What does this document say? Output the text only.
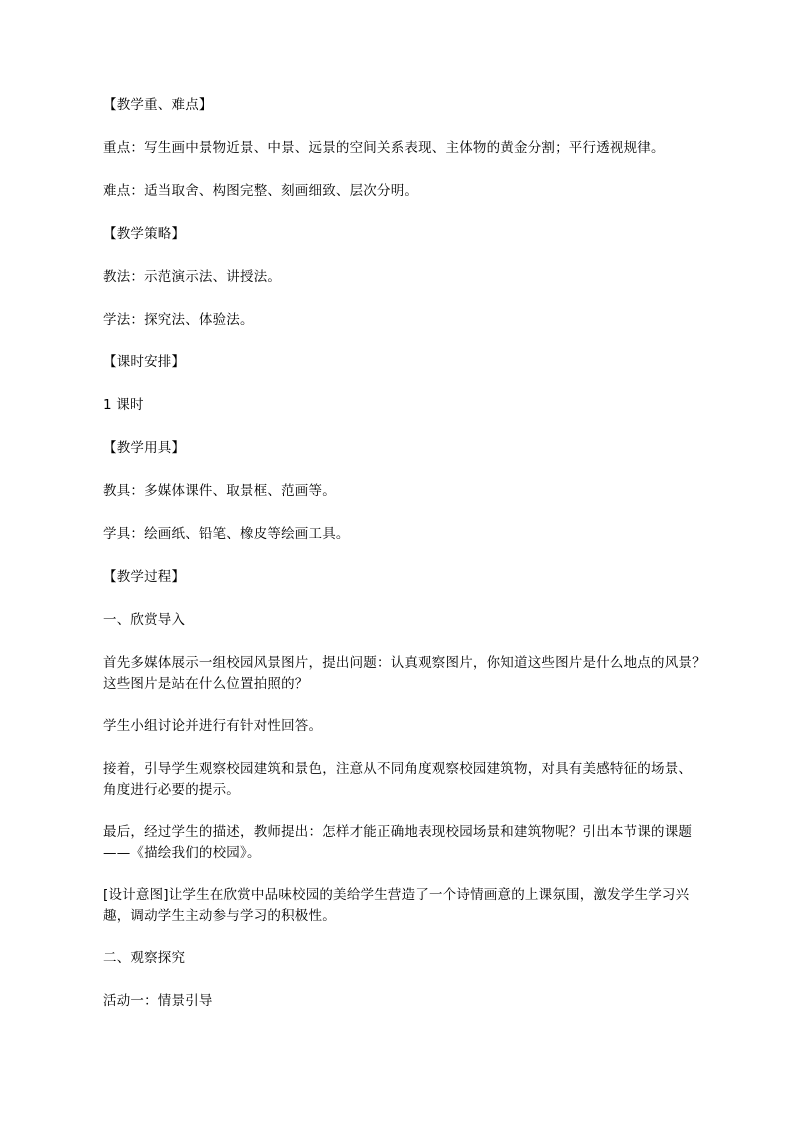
【教学重、难点】
重点：写生画中景物近景、中景、远景的空间关系表现、主体物的黄金分割；平行透视规律。
难点：适当取舍、构图完整、刻画细致、层次分明。
【教学策略】
教法：示范演示法、讲授法。
学法：探究法、体验法。
【课时安排】
1 课时
【教学用具】
教具：多媒体课件、取景框、范画等。
学具：绘画纸、铅笔、橡皮等绘画工具。
【教学过程】
一、欣赏导入
首先多媒体展示一组校园风景图片，提出问题：认真观察图片，你知道这些图片是什么地点的风景？
这些图片是站在什么位置拍照的？
学生小组讨论并进行有针对性回答。
接着，引导学生观察校园建筑和景色，注意从不同角度观察校园建筑物，对具有美感特征的场景、
角度进行必要的提示。
最后，经过学生的描述，教师提出：怎样才能正确地表现校园场景和建筑物呢？引出本节课的课题
——《描绘我们的校园》。
[设计意图]让学生在欣赏中品味校园的美给学生营造了一个诗情画意的上课氛围，激发学生学习兴
趣，调动学生主动参与学习的积极性。
二、观察探究
活动一：情景引导
